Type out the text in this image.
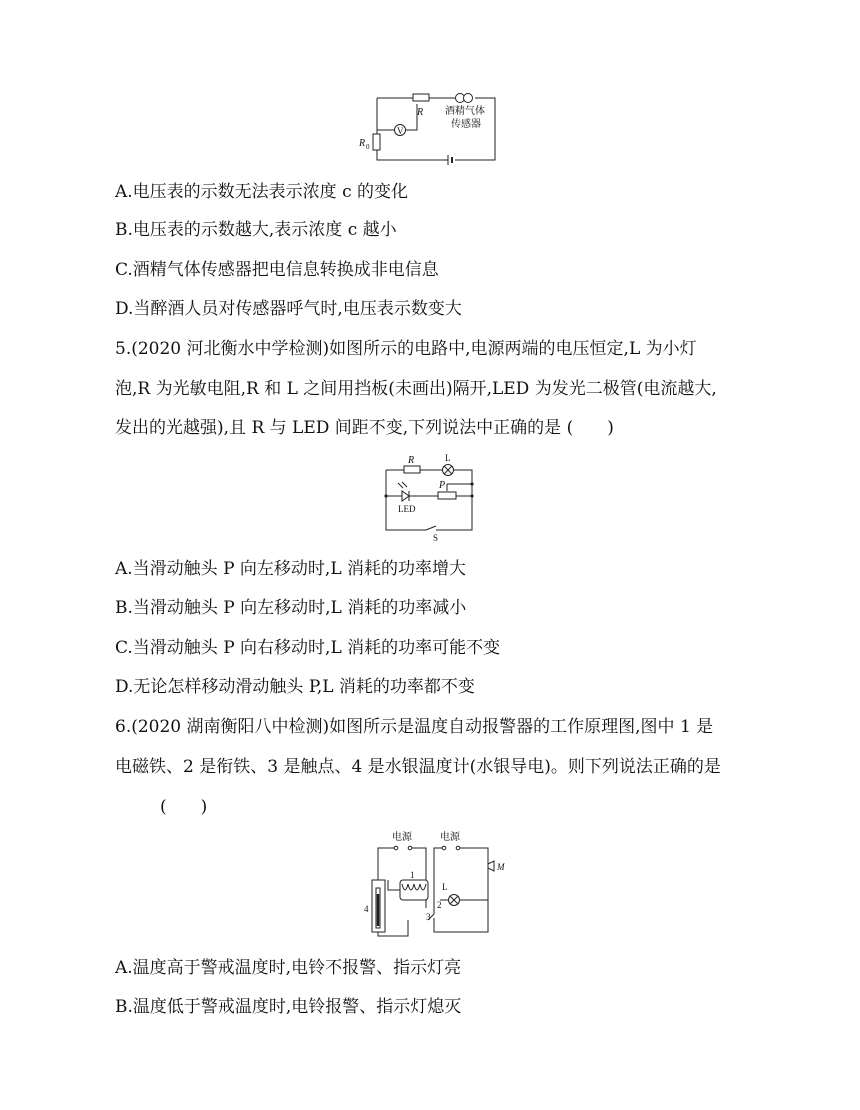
R 酒精气体
传感器
R 0
V
A.电压表的示数无法表示浓度 c 的变化
B.电压表的示数越大,表示浓度 c 越小
C.酒精气体传感器把电信息转换成非电信息
D.当醉酒人员对传感器呼气时,电压表示数变大
5.(2020 河北衡水中学检测)如图所示的电路中,电源两端的电压恒定,L 为小灯
泡,R 为光敏电阻,R 和 L 之间用挡板(未画出)隔开,LED 为发光二极管(电流越大,
发出的光越强),且 R 与 LED 间距不变,下列说法中正确的是 (　　)
R	L
P
LED
S
A.当滑动触头 P 向左移动时,L 消耗的功率增大
B.当滑动触头 P 向左移动时,L 消耗的功率减小
C.当滑动触头 P 向右移动时,L 消耗的功率可能不变
D.无论怎样移动滑动触头 P,L 消耗的功率都不变
6.(2020 湖南衡阳八中检测)如图所示是温度自动报警器的工作原理图,图中 1 是
电磁铁、2 是衔铁、3 是触点、4 是水银温度计(水银导电)。则下列说法正确的是
(　　)
电源	电源
1
2
3
4
L
M
A.温度高于警戒温度时,电铃不报警、指示灯亮
B.温度低于警戒温度时,电铃报警、指示灯熄灭
